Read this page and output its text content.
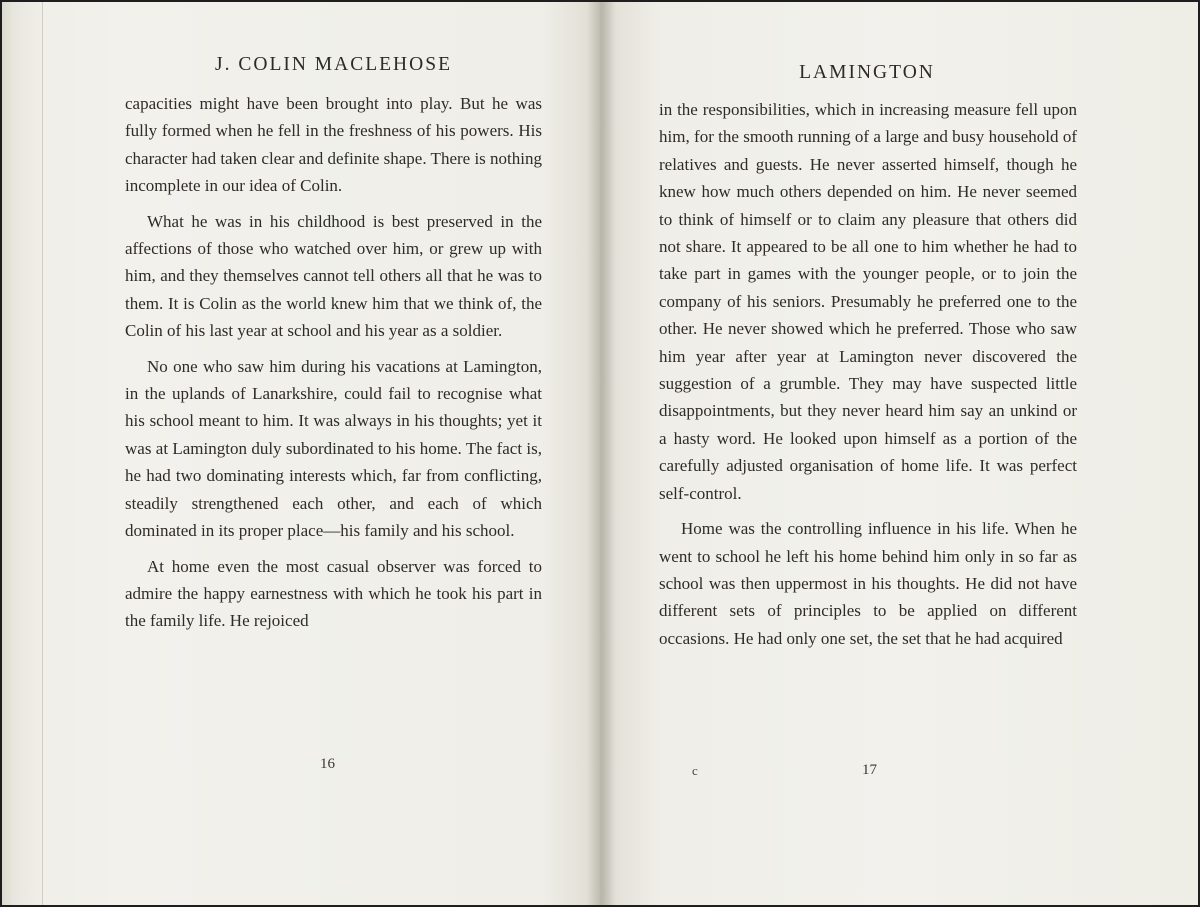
J. COLIN MACLEHOSE

capacities might have been brought into play. But he was fully formed when he fell in the freshness of his powers. His character had taken clear and definite shape. There is nothing incomplete in our idea of Colin.

What he was in his childhood is best preserved in the affections of those who watched over him, or grew up with him, and they themselves cannot tell others all that he was to them. It is Colin as the world knew him that we think of, the Colin of his last year at school and his year as a soldier.

No one who saw him during his vacations at Lamington, in the uplands of Lanarkshire, could fail to recognise what his school meant to him. It was always in his thoughts; yet it was at Lamington duly subordinated to his home. The fact is, he had two dominating interests which, far from conflicting, steadily strengthened each other, and each of which dominated in its proper place—his family and his school.

At home even the most casual observer was forced to admire the happy earnestness with which he took his part in the family life. He rejoiced

16
LAMINGTON

in the responsibilities, which in increasing measure fell upon him, for the smooth running of a large and busy household of relatives and guests. He never asserted himself, though he knew how much others depended on him. He never seemed to think of himself or to claim any pleasure that others did not share. It appeared to be all one to him whether he had to take part in games with the younger people, or to join the company of his seniors. Presumably he preferred one to the other. He never showed which he preferred. Those who saw him year after year at Lamington never discovered the suggestion of a grumble. They may have suspected little disappointments, but they never heard him say an unkind or a hasty word. He looked upon himself as a portion of the carefully adjusted organisation of home life. It was perfect self-control.

Home was the controlling influence in his life. When he went to school he left his home behind him only in so far as school was then uppermost in his thoughts. He did not have different sets of principles to be applied on different occasions. He had only one set, the set that he had acquired

c	17
